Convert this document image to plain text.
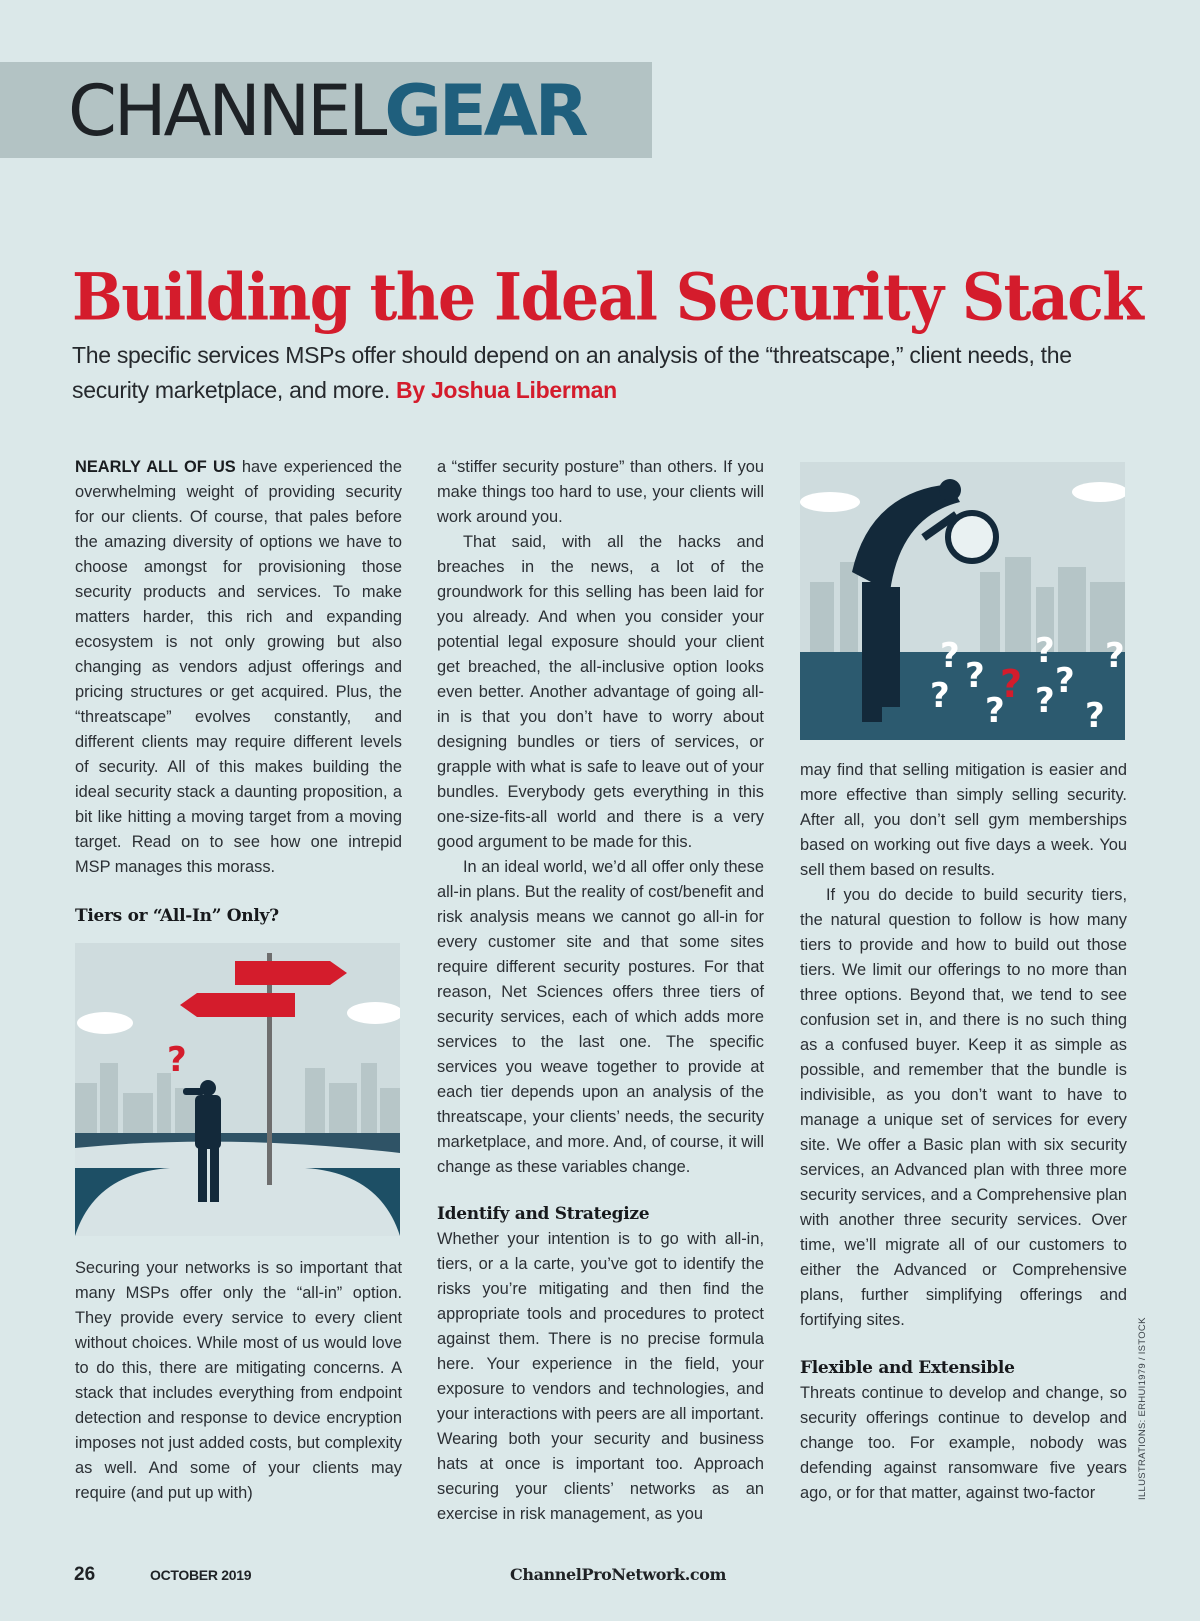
CHANNELGEAR
Building the Ideal Security Stack
The specific services MSPs offer should depend on an analysis of the “threatscape,” client needs, the security marketplace, and more. By Joshua Liberman

NEARLY ALL OF US have experienced the overwhelming weight of providing security for our clients. Of course, that pales before the amazing diversity of options we have to choose amongst for provisioning those security products and services. To make matters harder, this rich and expanding ecosystem is not only growing but also changing as vendors adjust offerings and pricing structures or get acquired. Plus, the “threatscape” evolves constantly, and different clients may require different levels of security. All of this makes building the ideal security stack a daunting proposition, a bit like hitting a moving target from a moving target. Read on to see how one intrepid MSP manages this morass.

Tiers or “All-In” Only?
?

Securing your networks is so important that many MSPs offer only the “all-in” option. They provide every service to every client without choices. While most of us would love to do this, there are mitigating concerns. A stack that includes everything from endpoint detection and response to device encryption imposes not just added costs, but complexity as well. And some of your clients may require (and put up with)

a “stiffer security posture” than others. If you make things too hard to use, your clients will work around you.

That said, with all the hacks and breaches in the news, a lot of the groundwork for this selling has been laid for you already. And when you consider your potential legal exposure should your client get breached, the all-inclusive option looks even better. Another advantage of going all-in is that you don’t have to worry about designing bundles or tiers of services, or grapple with what is safe to leave out of your bundles. Everybody gets everything in this one-size-fits-all world and there is a very good argument to be made for this.

In an ideal world, we’d all offer only these all-in plans. But the reality of cost/benefit and risk analysis means we cannot go all-in for every customer site and that some sites require different security postures. For that reason, Net Sciences offers three tiers of security services, each of which adds more services to the last one. The specific services you weave together to provide at each tier depends upon an analysis of the threatscape, your clients’ needs, the security marketplace, and more. And, of course, it will change as these variables change.

Identify and Strategize

Whether your intention is to go with all-in, tiers, or a la carte, you’ve got to identify the risks you’re mitigating and then find the appropriate tools and procedures to protect against them. There is no precise formula here. Your experience in the field, your exposure to vendors and technologies, and your interactions with peers are all important. Wearing both your security and business hats at once is important too. Approach securing your clients’ networks as an exercise in risk management, as you

? ?
? ?
?
?
? ?
?
?

may find that selling mitigation is easier and more effective than simply selling security. After all, you don’t sell gym memberships based on working out five days a week. You sell them based on results.

If you do decide to build security tiers, the natural question to follow is how many tiers to provide and how to build out those tiers. We limit our offerings to no more than three options. Beyond that, we tend to see confusion set in, and there is no such thing as a confused buyer. Keep it as simple as possible, and remember that the bundle is indivisible, as you don’t want to have to manage a unique set of services for every site. We offer a Basic plan with six security services, an Advanced plan with three more security services, and a Comprehensive plan with another three security services. Over time, we’ll migrate all of our customers to either the Advanced or Comprehensive plans, further simplifying offerings and fortifying sites.

Flexible and Extensible

Threats continue to develop and change, so security offerings continue to develop and change too. For example, nobody was defending against ransomware five years ago, or for that matter, against two-factor	ILLUSTRATIONS: ERHUI1979 / ISTOCK
26	OCTOBER 2019	ChannelProNetwork.com
